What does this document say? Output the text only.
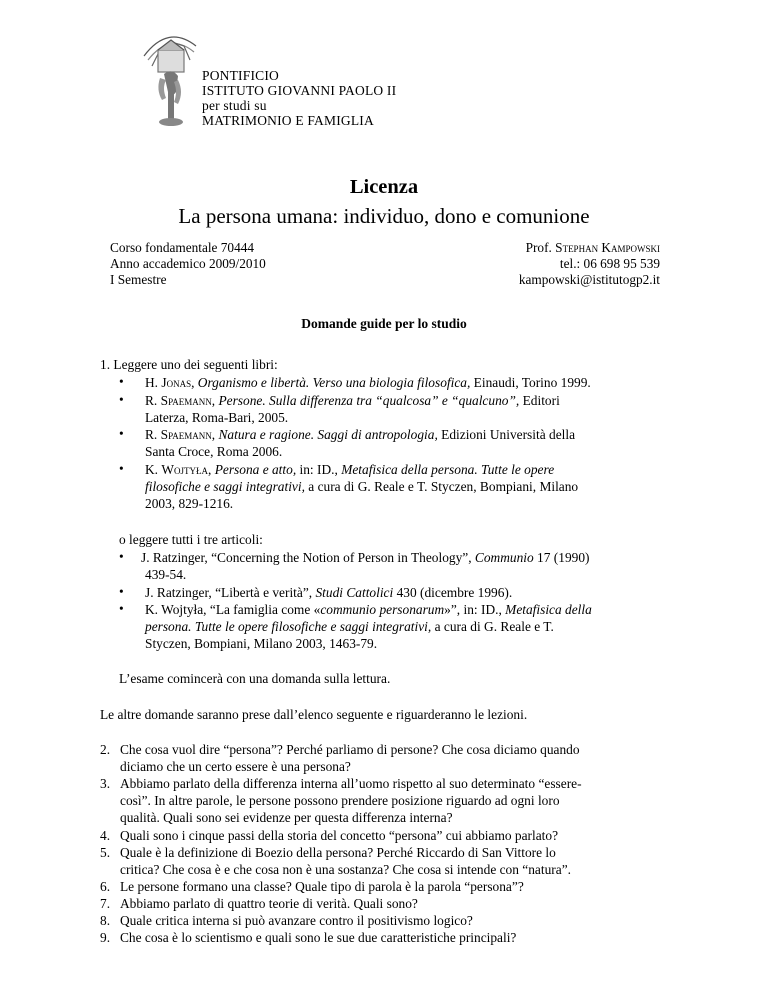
PONTIFICIO
ISTITUTO GIOVANNI PAOLO II
per studi su
MATRIMONIO E FAMIGLIA
Licenza
La persona umana: individuo, dono e comunione
Corso fondamentale 70444
Anno accademico 2009/2010
I Semestre
Prof. Stephan Kampowski
tel.: 06 698 95 539
kampowski@istitutogp2.it
Domande guide per lo studio
1. Leggere uno dei seguenti libri:
• H. Jonas, Organismo e libertà. Verso una biologia filosofica, Einaudi, Torino 1999.
• R. Spaemann, Persone. Sulla differenza tra “qualcosa” e “qualcuno”, Editori
Laterza, Roma-Bari, 2005.
• R. Spaemann, Natura e ragione. Saggi di antropologia, Edizioni Università della
Santa Croce, Roma 2006.
• K. Wojtyła, Persona e atto, in: ID., Metafisica della persona. Tutte le opere
filosofiche e saggi integrativi, a cura di G. Reale e T. Styczen, Bompiani, Milano
2003, 829-1216.
o leggere tutti i tre articoli:
• J. Ratzinger, “Concerning the Notion of Person in Theology”, Communio 17 (1990)
439-54.
• J. Ratzinger, “Libertà e verità”, Studi Cattolici 430 (dicembre 1996).
• K. Wojtyła, “La famiglia come «communio personarum»”, in: ID., Metafisica della
persona. Tutte le opere filosofiche e saggi integrativi, a cura di G. Reale e T.
Styczen, Bompiani, Milano 2003, 1463-79.
L’esame comincerà con una domanda sulla lettura.
Le altre domande saranno prese dall’elenco seguente e riguarderanno le lezioni.
2. Che cosa vuol dire “persona”? Perché parliamo di persone? Che cosa diciamo quando
diciamo che un certo essere è una persona?
3. Abbiamo parlato della differenza interna all’uomo rispetto al suo determinato “essere-
così”. In altre parole, le persone possono prendere posizione riguardo ad ogni loro
qualità. Quali sono sei evidenze per questa differenza interna?
4. Quali sono i cinque passi della storia del concetto “persona” cui abbiamo parlato?
5. Quale è la definizione di Boezio della persona? Perché Riccardo di San Vittore lo
critica? Che cosa è e che cosa non è una sostanza? Che cosa si intende con “natura”.
6. Le persone formano una classe? Quale tipo di parola è la parola “persona”?
7. Abbiamo parlato di quattro teorie di verità. Quali sono?
8. Quale critica interna si può avanzare contro il positivismo logico?
9. Che cosa è lo scientismo e quali sono le sue due caratteristiche principali?
